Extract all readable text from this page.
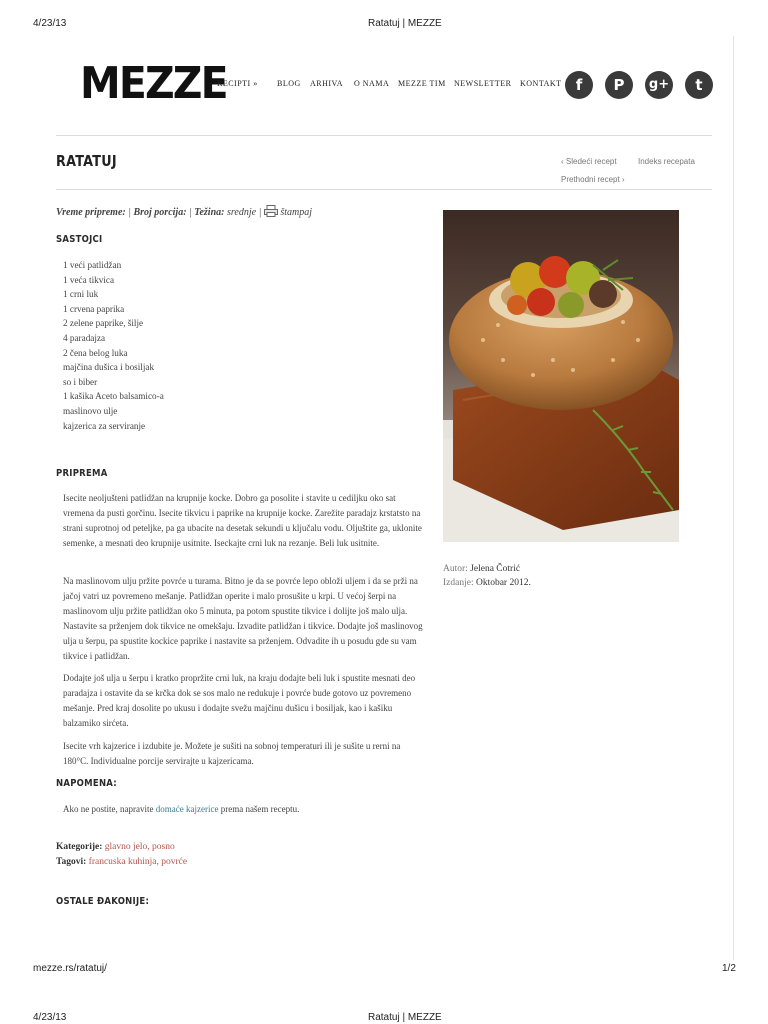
4/23/13	Ratatuj | MEZZE
MEZZE
RECIPTI »	BLOG	ARHIVA	O NAMA	MEZZE TIM	NEWSLETTER	KONTAKT f	P	g+	t
RATATUJ	‹ Sledeći recept	Indeks recepata
Prethodni recept ›
Vreme pripreme: | Broj porcija: | Težina: srednje |  štampaj
SASTOJCI
1 veći patlidžan
1 veća tikvica
1 crni luk
1 crvena paprika
2 zelene paprike, šilje
4 paradajza
2 čena belog luka
majčina dušica i bosiljak
so i biber
1 kašika Aceto balsamico-a
maslinovo ulje
kajzerica za serviranje
PRIPREMA

Isecite neoljušteni patlidžan na krupnije kocke. Dobro ga posolite i stavite u cedilјku oko sat vremena da pusti gorčinu. Isecite tikvicu i paprike na krupnije kocke. Zarežite paradajz krstatsto na strani suprotnoj od peteljke, pa ga ubacite na desetak sekundi u ključalu vodu. Oljuštite ga, uklonite semenke, a mesnati deo krupnije usitnite. Iseckajte crni luk na rezanje. Beli luk usitnite.

Na maslinovom ulju pržite povrće u turama. Bitno je da se povrće lepo obloži uljem i da se prži na jačoj vatri uz povremeno mešanje. Patlidžan operite i malo prosušite u krpi. U većoj šerpi na maslinovom ulju pržite patlidžan oko 5 minuta, pa potom spustite tikvice i dolijte još malo ulja. Nastavite sa prženjem dok tikvice ne omekšaju. Izvadite patlidžan i tikvice. Dodajte još maslinovog ulja u šerpu, pa spustite kockice paprike i nastavite sa prženjem. Odvadite ih u posudu gde su vam tikvice i patlidžan.

Dodajte još ulja u šerpu i kratko propržite crni luk, na kraju dodajte beli luk i spustite mesnati deo paradajza i ostavite da se krčka dok se sos malo ne redukuje i povrće bude gotovo uz povremeno mešanje. Pred kraj dosolite po ukusu i dodajte svežu majčinu dušicu i bosiljak, kao i kašiku balzamiko sirćeta.

Isecite vrh kajzerice i izdubite je. Možete je sušiti na sobnoj temperaturi ili je sušite u rerni na 180°C. Individualne porcije servirajte u kajzericama.

NAPOMENA:
Ako ne postite, napravite domaće kajzerice prema našem receptu.
Kategorije: glavno jelo, posno
Tagovi: francuska kuhinja, povrće
OSTALE ĐAKONIJE:
Autor: Jelena Čotrić
Izdanje: Oktobar 2012.
mezze.rs/ratatuj/	1/2
4/23/13	Ratatuj | MEZZE
